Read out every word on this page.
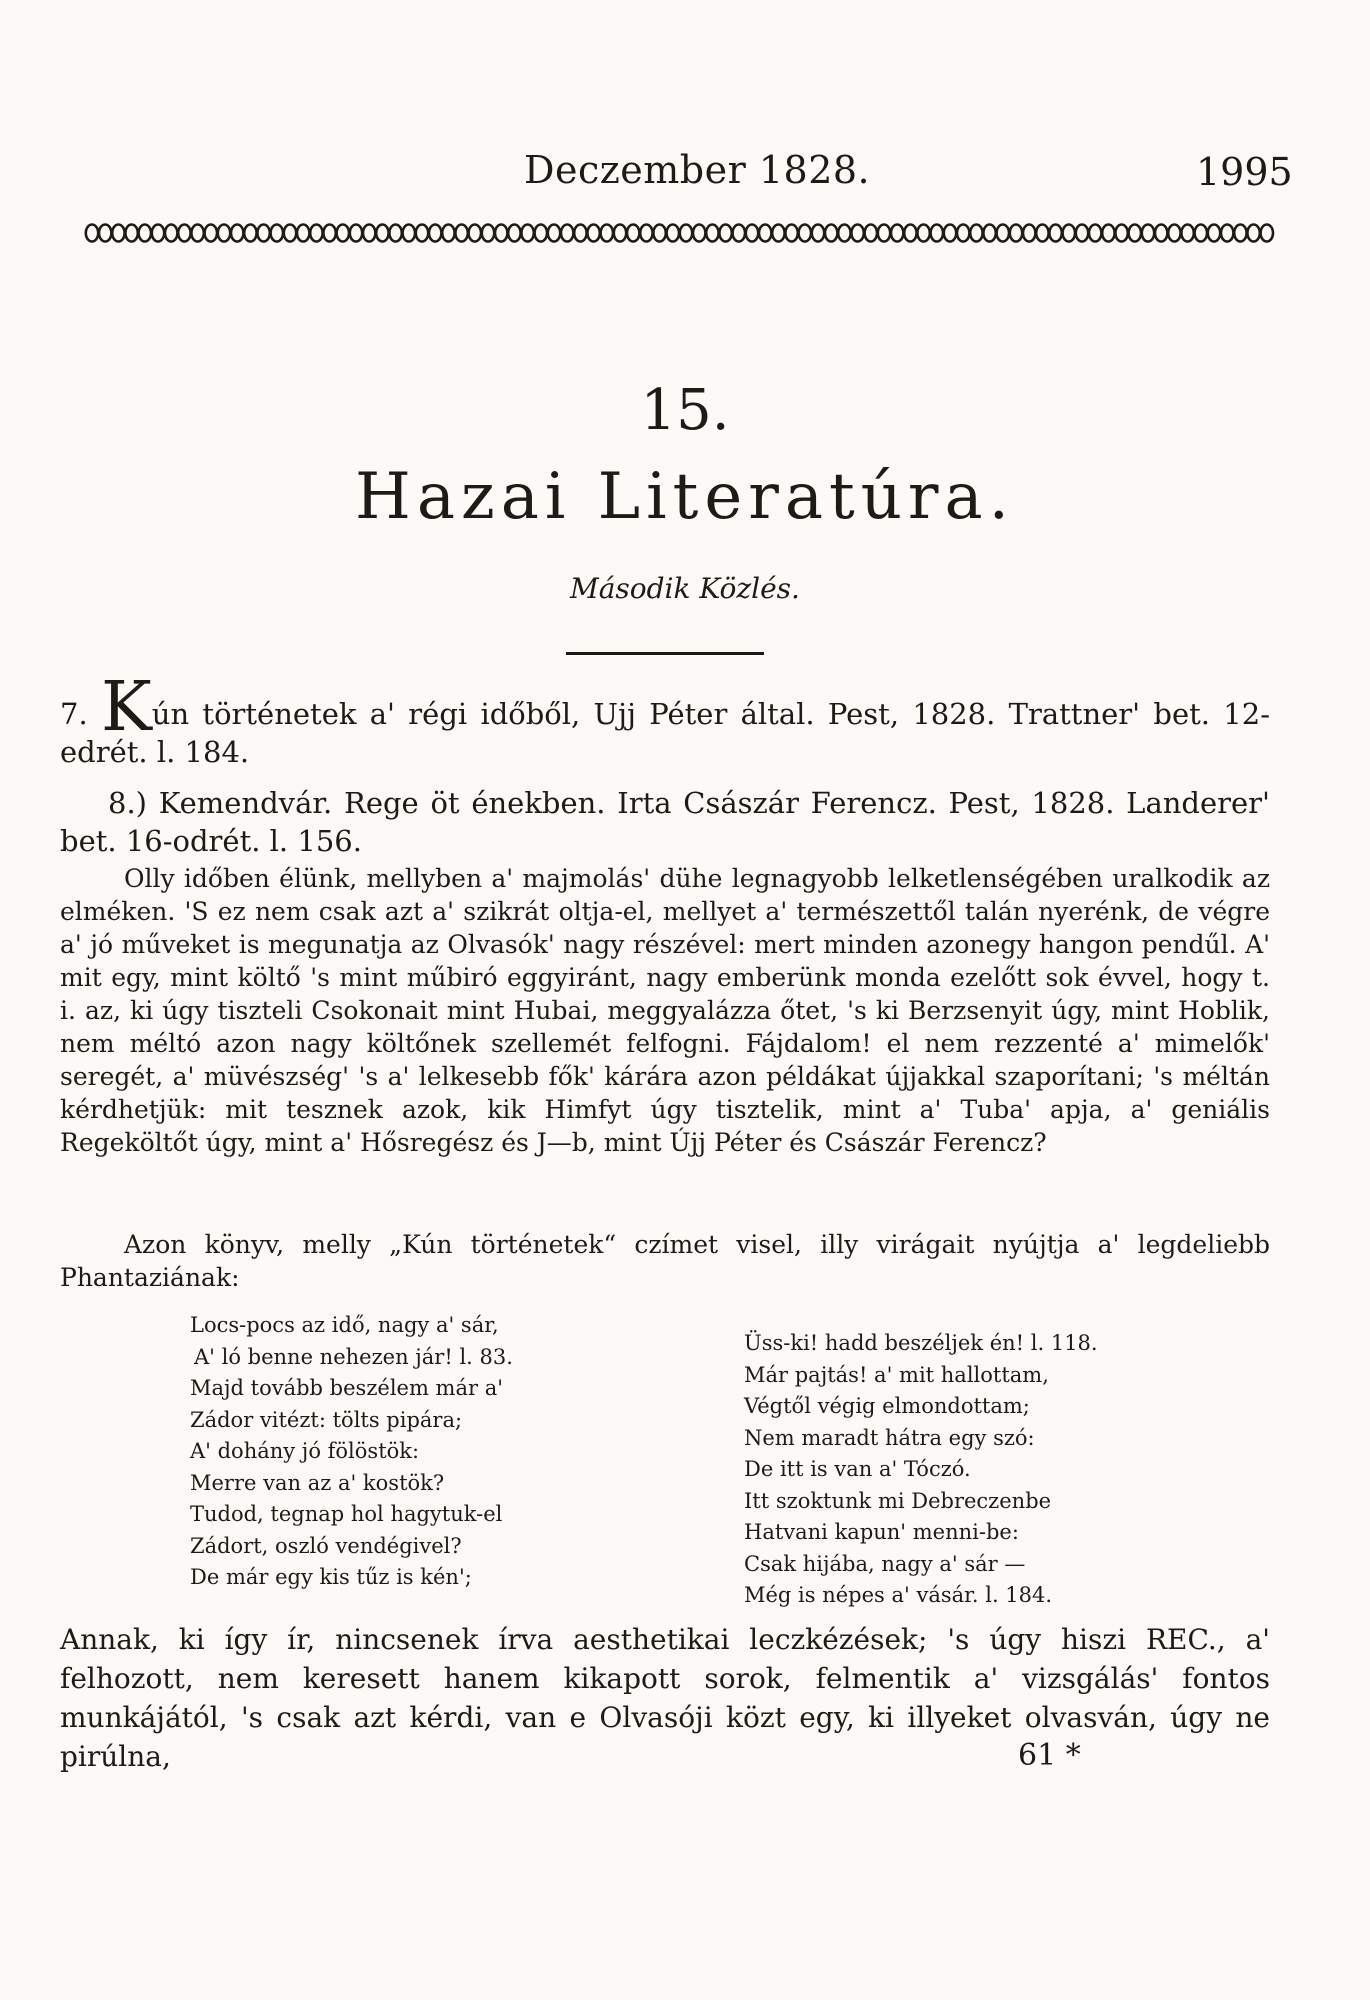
Deczember 1828.	1995
15.
Hazai Literatúra.
Második Közlés.
7. Kún történetek a' régi időből, Ujj Péter által. Pest, 1828. Trattner' bet. 12-edrét. l. 184.
8.) Kemendvár. Rege öt énekben. Irta Császár Ferencz. Pest, 1828. Landerer' bet. 16-odrét. l. 156.

Olly időben élünk, mellyben a' majmolás' dühe legnagyobb lelketlenségében uralkodik az elméken. 'S ez nem csak azt a' szikrát oltja-el, mellyet a' természettől talán nyerénk, de végre a' jó műveket is megunatja az Olvasók' nagy részével: mert minden azonegy hangon pendűl. A' mit egy, mint költő 's mint műbiró eggyiránt, nagy emberünk monda ezelőtt sok évvel, hogy t. i. az, ki úgy tiszteli Csokonait mint Hubai, meggyalázza őtet, 's ki Berzsenyit úgy, mint Hoblik, nem méltó azon nagy költőnek szellemét felfogni. Fájdalom! el nem rezzenté a' mimelők' seregét, a' müvészség' 's a' lelkesebb fők' kárára azon példákat újjakkal szaporítani; 's méltán kérdhetjük: mit tesznek azok, kik Himfyt úgy tisztelik, mint a' Tuba' apja, a' geniális Regeköltőt úgy, mint a' Hősregész és J—b, mint Újj Péter és Császár Ferencz?

Azon könyv, melly „Kún történetek“ czímet visel, illy virágait nyújtja a' legdeliebb Phantaziának:

Locs-pocs az idő, nagy a' sár,
A' ló benne nehezen jár! l. 83.
Majd tovább beszélem már a'
Zádor vitézt: tölts pipára;
A' dohány jó fölöstök:
Merre van az a' kostök?
Tudod, tegnap hol hagytuk-el
Zádort, oszló vendégivel?
De már egy kis tűz is kén';
Üss-ki! hadd beszéljek én! l. 118.
Már pajtás! a' mit hallottam,
Végtől végig elmondottam;
Nem maradt hátra egy szó:
De itt is van a' Tóczó.
Itt szoktunk mi Debreczenbe
Hatvani kapun' menni-be:
Csak hijába, nagy a' sár —
Még is népes a' vásár. l. 184.

Annak, ki így ír, nincsenek írva aesthetikai leczkézések; 's úgy hiszi REC., a' felhozott, nem keresett hanem kikapott sorok, felmentik a' vizsgálás' fontos munkájától, 's csak azt kérdi, van e Olvasóji közt egy, ki illyeket olvasván, úgy ne pirúlna,	61 *
